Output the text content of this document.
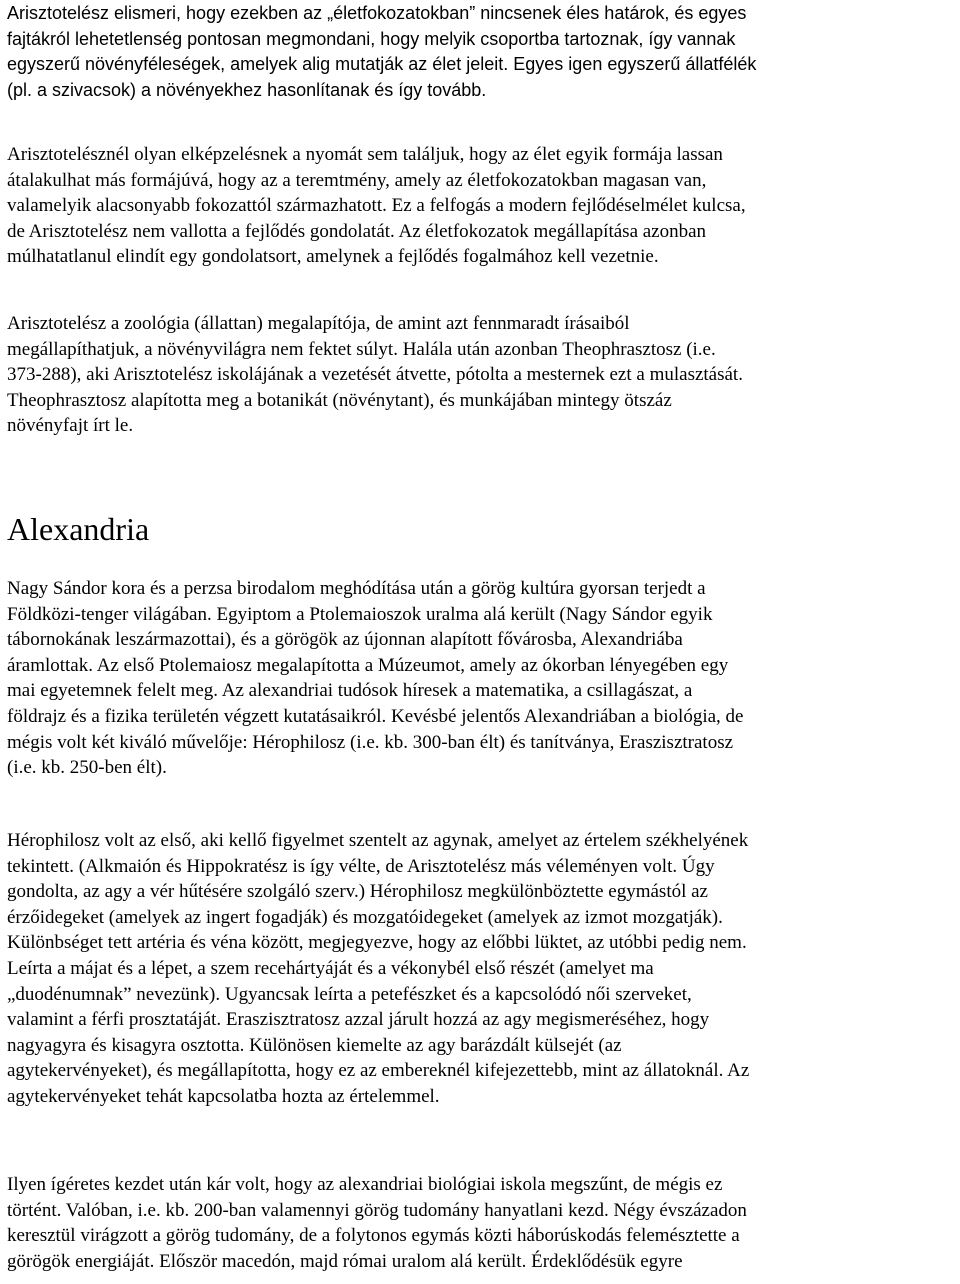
Arisztotelész elismeri, hogy ezekben az „életfokozatokban” nincsenek éles határok, és egyes
fajtákról lehetetlenség pontosan megmondani, hogy melyik csoportba tartoznak, így vannak
egyszerű növényféleségek, amelyek alig mutatják az élet jeleit. Egyes igen egyszerű állatfélék
(pl. a szivacsok) a növényekhez hasonlítanak és így tovább.

Arisztotelésznél olyan elképzelésnek a nyomát sem találjuk, hogy az élet egyik formája lassan
átalakulhat más formájúvá, hogy az a teremtmény, amely az életfokozatokban magasan van,
valamelyik alacsonyabb fokozattól származhatott. Ez a felfogás a modern fejlődéselmélet kulcsa,
de Arisztotelész nem vallotta a fejlődés gondolatát. Az életfokozatok megállapítása azonban
múlhatatlanul elindít egy gondolatsort, amelynek a fejlődés fogalmához kell vezetnie.

Arisztotelész a zoológia (állattan) megalapítója, de amint azt fennmaradt írásaiból
megállapíthatjuk, a növényvilágra nem fektet súlyt. Halála után azonban Theophrasztosz (i.e.
373-288), aki Arisztotelész iskolájának a vezetését átvette, pótolta a mesternek ezt a mulasztását.
Theophrasztosz alapította meg a botanikát (növénytant), és munkájában mintegy ötszáz
növényfajt írt le.

Alexandria

Nagy Sándor kora és a perzsa birodalom meghódítása után a görög kultúra gyorsan terjedt a
Földközi-tenger világában. Egyiptom a Ptolemaioszok uralma alá került (Nagy Sándor egyik
tábornokának leszármazottai), és a görögök az újonnan alapított fővárosba, Alexandriába
áramlottak. Az első Ptolemaiosz megalapította a Múzeumot, amely az ókorban lényegében egy
mai egyetemnek felelt meg. Az alexandriai tudósok híresek a matematika, a csillagászat, a
földrajz és a fizika területén végzett kutatásaikról. Kevésbé jelentős Alexandriában a biológia, de
mégis volt két kiváló művelője: Hérophilosz (i.e. kb. 300-ban élt) és tanítványa, Eraszisztratosz
(i.e. kb. 250-ben élt).

Hérophilosz volt az első, aki kellő figyelmet szentelt az agynak, amelyet az értelem székhelyének
tekintett. (Alkmaión és Hippokratész is így vélte, de Arisztotelész más véleményen volt. Úgy
gondolta, az agy a vér hűtésére szolgáló szerv.) Hérophilosz megkülönböztette egymástól az
érzőidegeket (amelyek az ingert fogadják) és mozgatóidegeket (amelyek az izmot mozgatják).
Különbséget tett artéria és véna között, megjegyezve, hogy az előbbi lüktet, az utóbbi pedig nem.
Leírta a májat és a lépet, a szem recehártyáját és a vékonybél első részét (amelyet ma
„duodénumnak” nevezünk). Ugyancsak leírta a petefészket és a kapcsolódó női szerveket,
valamint a férfi prosztatáját. Eraszisztratosz azzal járult hozzá az agy megismeréséhez, hogy
nagyagyra és kisagyra osztotta. Különösen kiemelte az agy barázdált külsejét (az
agytekervényeket), és megállapította, hogy ez az embereknél kifejezettebb, mint az állatoknál. Az
agytekervényeket tehát kapcsolatba hozta az értelemmel.

Ilyen ígéretes kezdet után kár volt, hogy az alexandriai biológiai iskola megszűnt, de mégis ez
történt. Valóban, i.e. kb. 200-ban valamennyi görög tudomány hanyatlani kezd. Négy évszázadon
keresztül virágzott a görög tudomány, de a folytonos egymás közti háborúskodás felemésztette a
görögök energiáját. Először macedón, majd római uralom alá került. Érdeklődésük egyre
